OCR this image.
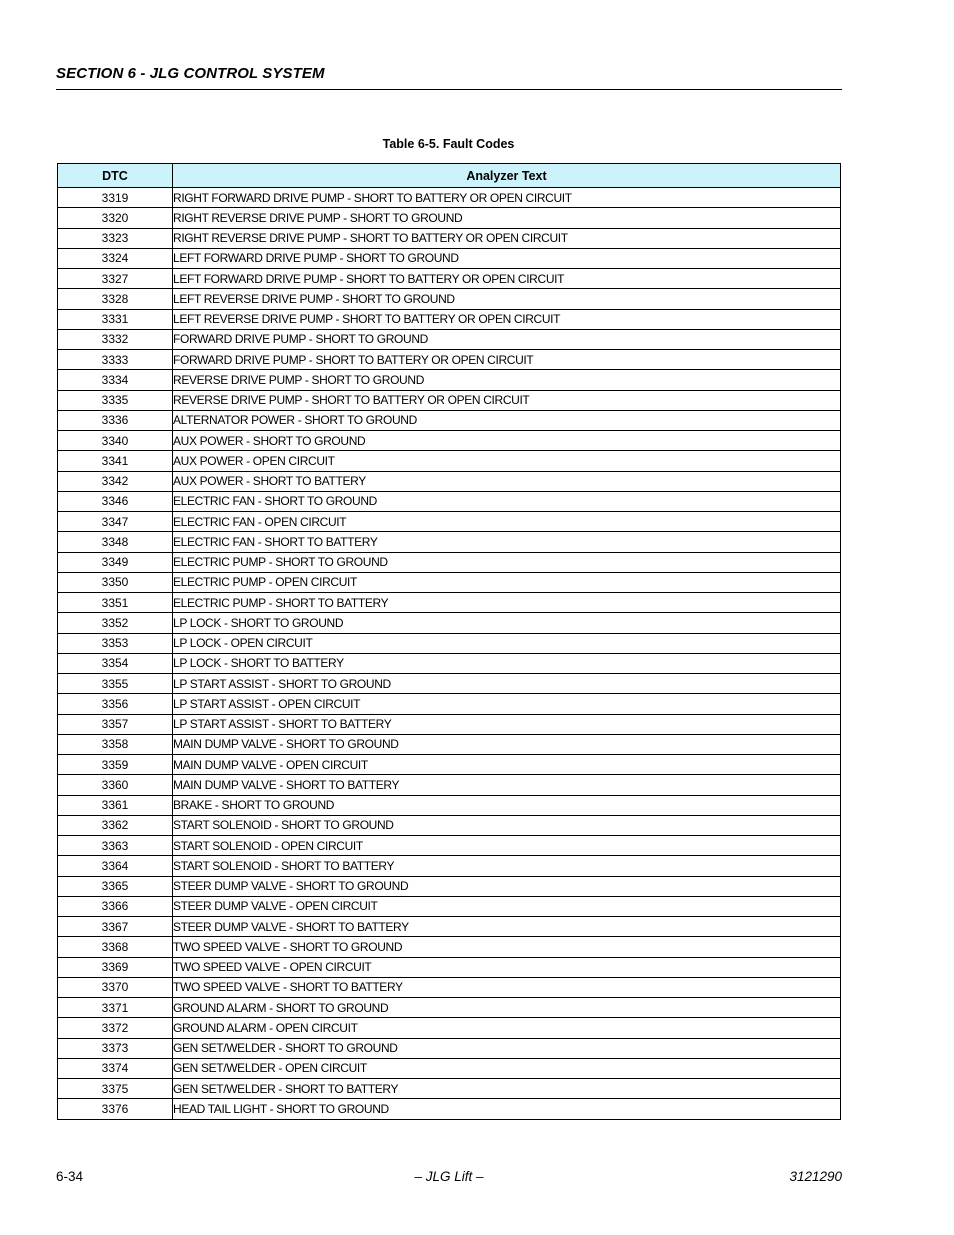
SECTION 6 - JLG CONTROL SYSTEM
Table 6-5. Fault Codes
DTC	Analyzer Text
3319	RIGHT FORWARD DRIVE PUMP - SHORT TO BATTERY OR OPEN CIRCUIT
3320	RIGHT REVERSE DRIVE PUMP - SHORT TO GROUND
3323	RIGHT REVERSE DRIVE PUMP - SHORT TO BATTERY OR OPEN CIRCUIT
3324	LEFT FORWARD DRIVE PUMP - SHORT TO GROUND
3327	LEFT FORWARD DRIVE PUMP - SHORT TO BATTERY OR OPEN CIRCUIT
3328	LEFT REVERSE DRIVE PUMP - SHORT TO GROUND
3331	LEFT REVERSE DRIVE PUMP - SHORT TO BATTERY OR OPEN CIRCUIT
3332	FORWARD DRIVE PUMP - SHORT TO GROUND
3333	FORWARD DRIVE PUMP - SHORT TO BATTERY OR OPEN CIRCUIT
3334	REVERSE DRIVE PUMP - SHORT TO GROUND
3335	REVERSE DRIVE PUMP - SHORT TO BATTERY OR OPEN CIRCUIT
3336	ALTERNATOR POWER - SHORT TO GROUND
3340	AUX POWER - SHORT TO GROUND
3341	AUX POWER - OPEN CIRCUIT
3342	AUX POWER - SHORT TO BATTERY
3346	ELECTRIC FAN - SHORT TO GROUND
3347	ELECTRIC FAN - OPEN CIRCUIT
3348	ELECTRIC FAN - SHORT TO BATTERY
3349	ELECTRIC PUMP - SHORT TO GROUND
3350	ELECTRIC PUMP - OPEN CIRCUIT
3351	ELECTRIC PUMP - SHORT TO BATTERY
3352	LP LOCK - SHORT TO GROUND
3353	LP LOCK - OPEN CIRCUIT
3354	LP LOCK - SHORT TO BATTERY
3355	LP START ASSIST - SHORT TO GROUND
3356	LP START ASSIST - OPEN CIRCUIT
3357	LP START ASSIST - SHORT TO BATTERY
3358	MAIN DUMP VALVE - SHORT TO GROUND
3359	MAIN DUMP VALVE - OPEN CIRCUIT
3360	MAIN DUMP VALVE - SHORT TO BATTERY
3361	BRAKE - SHORT TO GROUND
3362	START SOLENOID - SHORT TO GROUND
3363	START SOLENOID - OPEN CIRCUIT
3364	START SOLENOID - SHORT TO BATTERY
3365	STEER DUMP VALVE - SHORT TO GROUND
3366	STEER DUMP VALVE - OPEN CIRCUIT
3367	STEER DUMP VALVE - SHORT TO BATTERY
3368	TWO SPEED VALVE - SHORT TO GROUND
3369	TWO SPEED VALVE - OPEN CIRCUIT
3370	TWO SPEED VALVE - SHORT TO BATTERY
3371	GROUND ALARM - SHORT TO GROUND
3372	GROUND ALARM - OPEN CIRCUIT
3373	GEN SET/WELDER - SHORT TO GROUND
3374	GEN SET/WELDER - OPEN CIRCUIT
3375	GEN SET/WELDER - SHORT TO BATTERY
3376	HEAD TAIL LIGHT - SHORT TO GROUND
6-34	– JLG Lift –	3121290
